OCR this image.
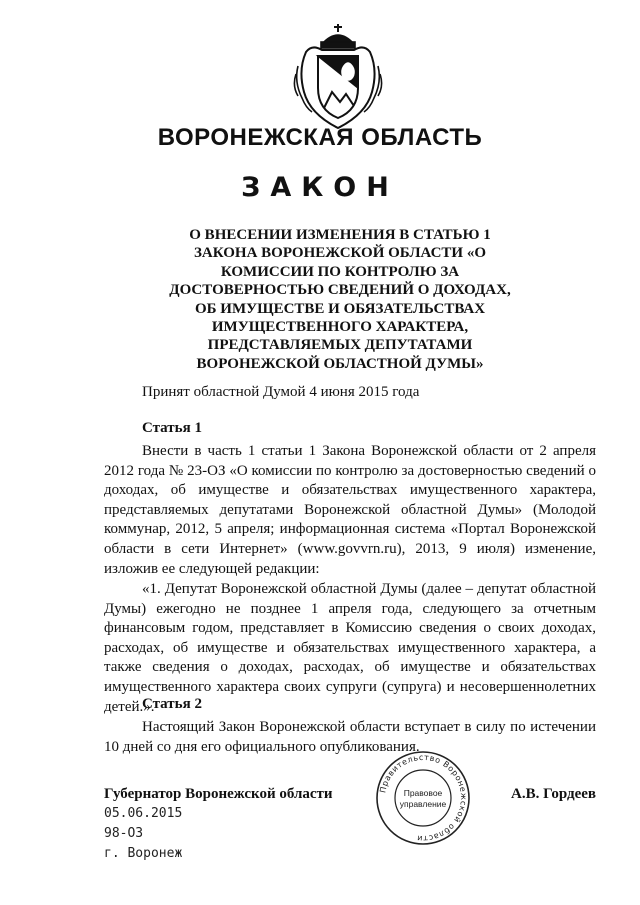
ВОРОНЕЖСКАЯ ОБЛАСТЬ
ЗАКОН
О ВНЕСЕНИИ ИЗМЕНЕНИЯ В СТАТЬЮ 1
ЗАКОНА ВОРОНЕЖСКОЙ ОБЛАСТИ «О
КОМИССИИ ПО КОНТРОЛЮ ЗА
ДОСТОВЕРНОСТЬЮ СВЕДЕНИЙ О ДОХОДАХ,
ОБ ИМУЩЕСТВЕ И ОБЯЗАТЕЛЬСТВАХ
ИМУЩЕСТВЕННОГО ХАРАКТЕРА,
ПРЕДСТАВЛЯЕМЫХ ДЕПУТАТАМИ
ВОРОНЕЖСКОЙ ОБЛАСТНОЙ ДУМЫ»

Принят областной Думой 4 июня 2015 года

Статья 1

Внести в часть 1 статьи 1 Закона Воронежской области от 2 апреля 2012 года № 23-ОЗ «О комиссии по контролю за достоверностью сведений о доходах, об имуществе и обязательствах имущественного характера, представляемых депутатами Воронежской областной Думы» (Молодой коммунар, 2012, 5 апреля; информационная система «Портал Воронежской области в сети Интернет» (www.govvrn.ru), 2013, 9 июля) изменение, изложив ее следующей редакции:

«1. Депутат Воронежской областной Думы (далее – депутат областной Думы) ежегодно не позднее 1 апреля года, следующего за отчетным финансовым годом, представляет в Комиссию сведения о своих доходах, расходах, об имуществе и обязательствах имущественного характера, а также сведения о доходах, расходах, об имуществе и обязательствах имущественного характера своих супруги (супруга) и несовершеннолетних детей.».

Статья 2

Настоящий Закон Воронежской области вступает в силу по истечении 10 дней со дня его официального опубликования.

Губернатор Воронежской области	А.В. Гордеев

05.06.2015

98-ОЗ

г. Воронеж

Правительство Воронежской области
Правовое
управление
